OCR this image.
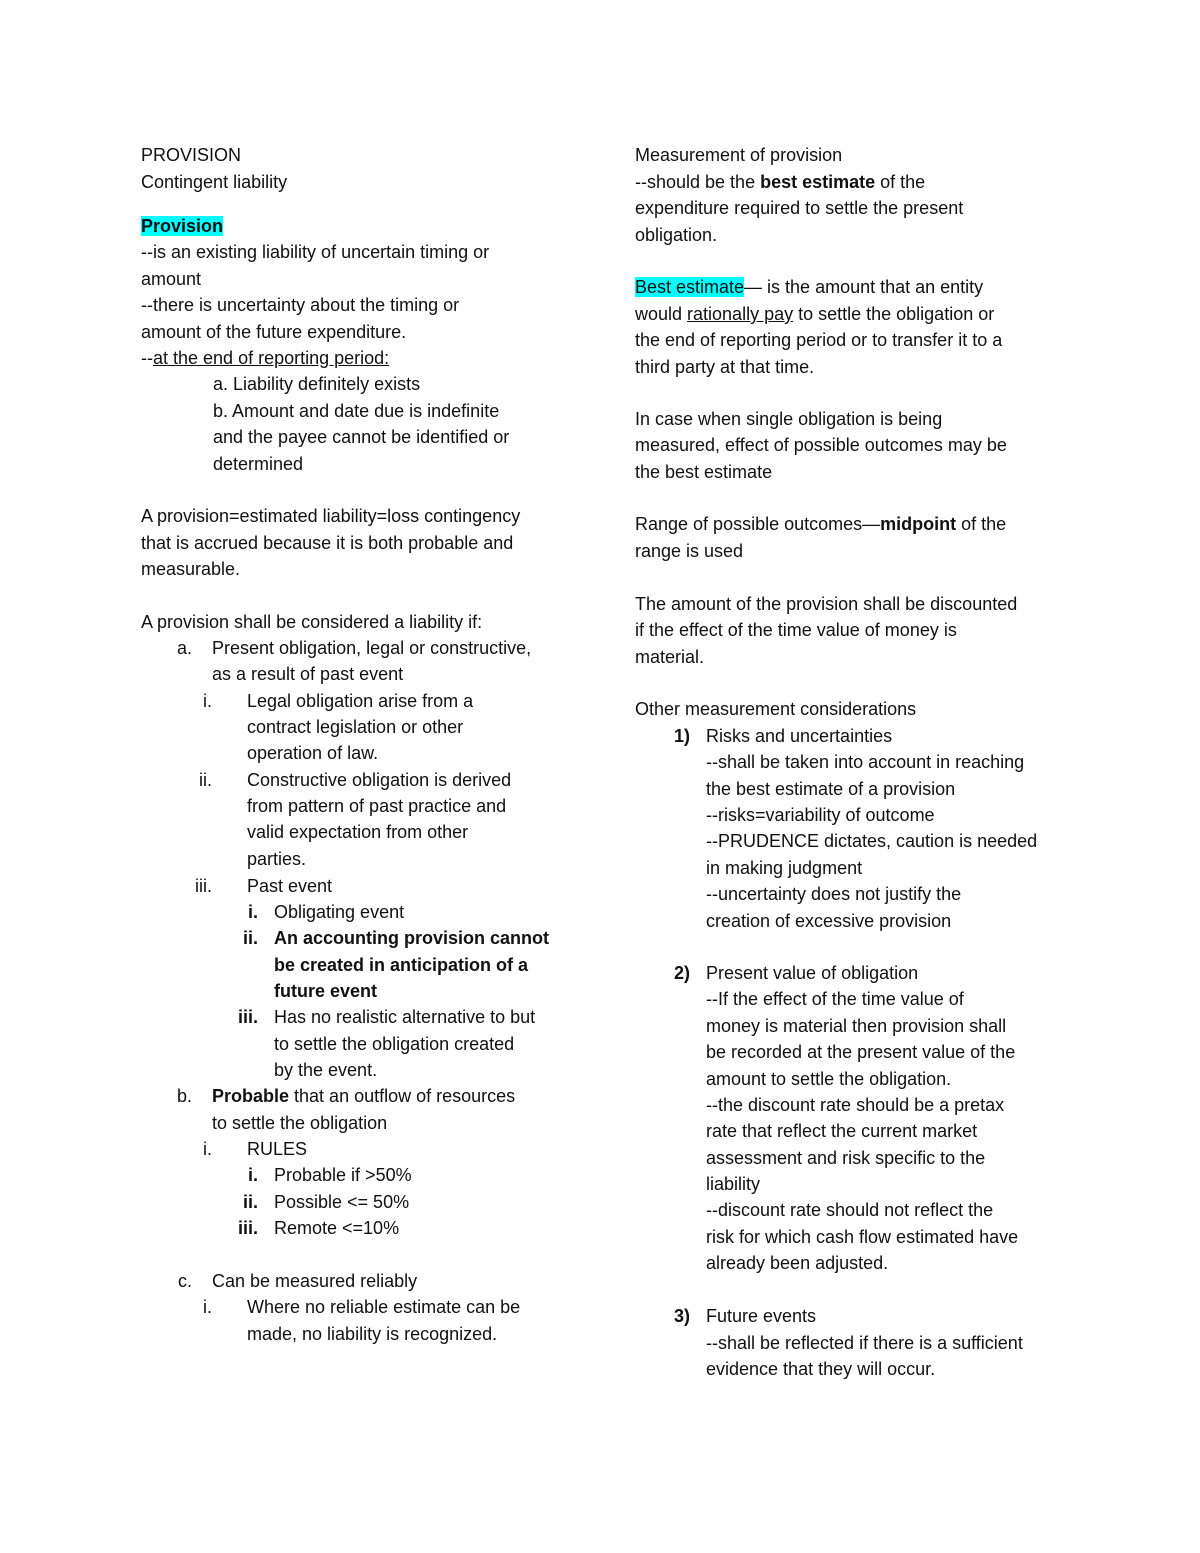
PROVISION
Contingent liability
Provision
--is an existing liability of uncertain timing or
amount
--there is uncertainty about the timing or
amount of the future expenditure.
--at the end of reporting period:
a. Liability definitely exists
b. Amount and date due is indefinite
and the payee cannot be identified or
determined
A provision=estimated liability=loss contingency
that is accrued because it is both probable and
measurable.
A provision shall be considered a liability if:
a. Present obligation, legal or constructive,
as a result of past event
i. Legal obligation arise from a
contract legislation or other
operation of law.
ii. Constructive obligation is derived
from pattern of past practice and
valid expectation from other
parties.
iii. Past event
i. Obligating event
ii. An accounting provision cannot
be created in anticipation of a
future event
iii. Has no realistic alternative to but
to settle the obligation created
by the event.
b. Probable that an outflow of resources
to settle the obligation
i. RULES
i. Probable if >50%
ii. Possible <= 50%
iii. Remote <=10%
c. Can be measured reliably
i. Where no reliable estimate can be
made, no liability is recognized.
Measurement of provision
--should be the best estimate of the
expenditure required to settle the present
obligation.
Best estimate— is the amount that an entity
would rationally pay to settle the obligation or
the end of reporting period or to transfer it to a
third party at that time.
In case when single obligation is being
measured, effect of possible outcomes may be
the best estimate
Range of possible outcomes—midpoint of the
range is used
The amount of the provision shall be discounted
if the effect of the time value of money is
material.
Other measurement considerations
1) Risks and uncertainties
--shall be taken into account in reaching
the best estimate of a provision
--risks=variability of outcome
--PRUDENCE dictates, caution is needed
in making judgment
--uncertainty does not justify the
creation of excessive provision
2) Present value of obligation
--If the effect of the time value of
money is material then provision shall
be recorded at the present value of the
amount to settle the obligation.
--the discount rate should be a pretax
rate that reflect the current market
assessment and risk specific to the
liability
--discount rate should not reflect the
risk for which cash flow estimated have
already been adjusted.
3) Future events
--shall be reflected if there is a sufficient
evidence that they will occur.
